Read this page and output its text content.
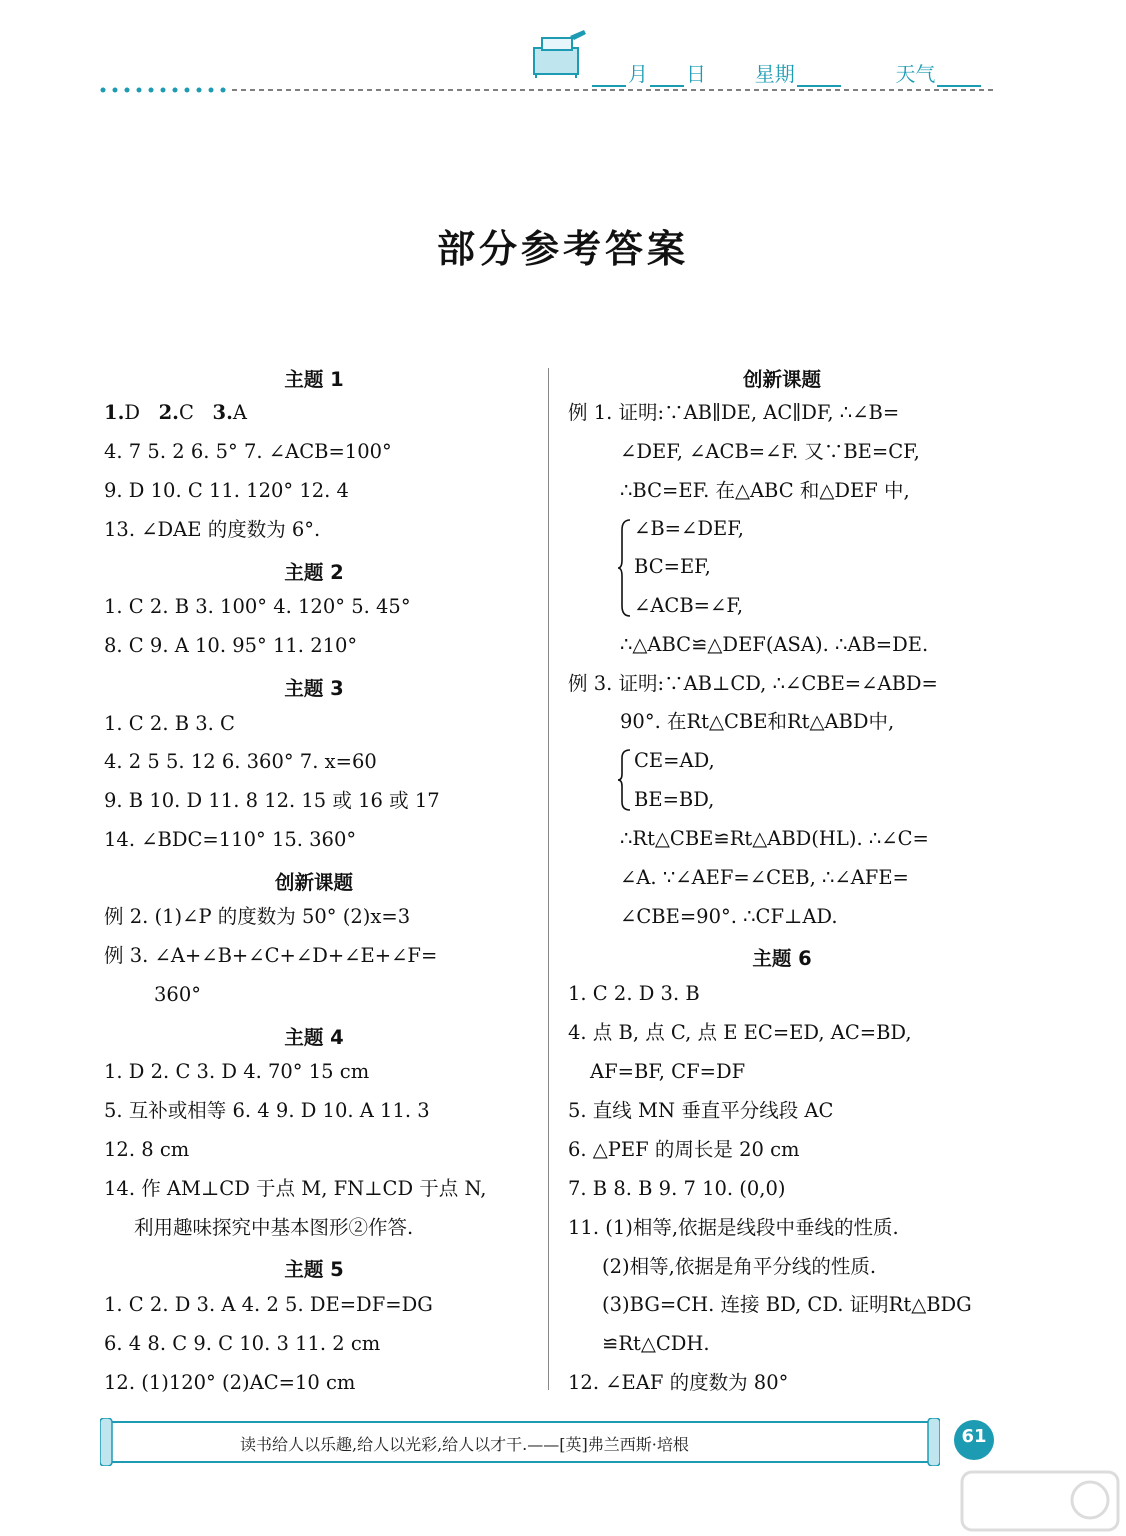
月 日 星期	天气
部分参考答案
主题 1
1.D 2.C 3.A
4. 7 5. 2 6. 5° 7. ∠ACB=100°
9. D 10. C 11. 120° 12. 4
13. ∠DAE 的度数为 6°.
主题 2
1. C 2. B 3. 100° 4. 120° 5. 45°
8. C 9. A 10. 95° 11. 210°
主题 3
1. C 2. B 3. C
4. 2 5 5. 12 6. 360° 7. x=60
9. B 10. D 11. 8 12. 15 或 16 或 17
14. ∠BDC=110° 15. 360°
创新课题
例 2. (1)∠P 的度数为 50° (2)x=3
例 3. ∠A+∠B+∠C+∠D+∠E+∠F=
360°
主题 4
1. D 2. C 3. D 4. 70° 15 cm
5. 互补或相等 6. 4 9. D 10. A 11. 3
12. 8 cm
14. 作 AM⊥CD 于点 M, FN⊥CD 于点 N,
利用趣味探究中基本图形②作答.
主题 5
1. C 2. D 3. A 4. 2 5. DE=DF=DG
6. 4 8. C 9. C 10. 3 11. 2 cm
12. (1)120° (2)AC=10 cm
创新课题
例 1. 证明:∵AB∥DE, AC∥DF, ∴∠B=
∠DEF, ∠ACB=∠F. 又∵BE=CF,
∴BC=EF. 在△ABC 和△DEF 中,
∠B=∠DEF,
BC=EF,
∠ACB=∠F,
∴△ABC≌△DEF(ASA). ∴AB=DE.
例 3. 证明:∵AB⊥CD, ∴∠CBE=∠ABD=
90°. 在Rt△CBE和Rt△ABD中,
CE=AD,
BE=BD,
∴Rt△CBE≌Rt△ABD(HL). ∴∠C=
∠A. ∵∠AEF=∠CEB, ∴∠AFE=
∠CBE=90°. ∴CF⊥AD.
主题 6
1. C 2. D 3. B
4. 点 B, 点 C, 点 E EC=ED, AC=BD,
AF=BF, CF=DF
5. 直线 MN 垂直平分线段 AC
6. △PEF 的周长是 20 cm
7. B 8. B 9. 7 10. (0,0)
11. (1)相等,依据是线段中垂线的性质.
(2)相等,依据是角平分线的性质.
(3)BG=CH. 连接 BD, CD. 证明Rt△BDG
≌Rt△CDH.
12. ∠EAF 的度数为 80°
读书给人以乐趣,给人以光彩,给人以才干.——[英]弗兰西斯·培根	61
